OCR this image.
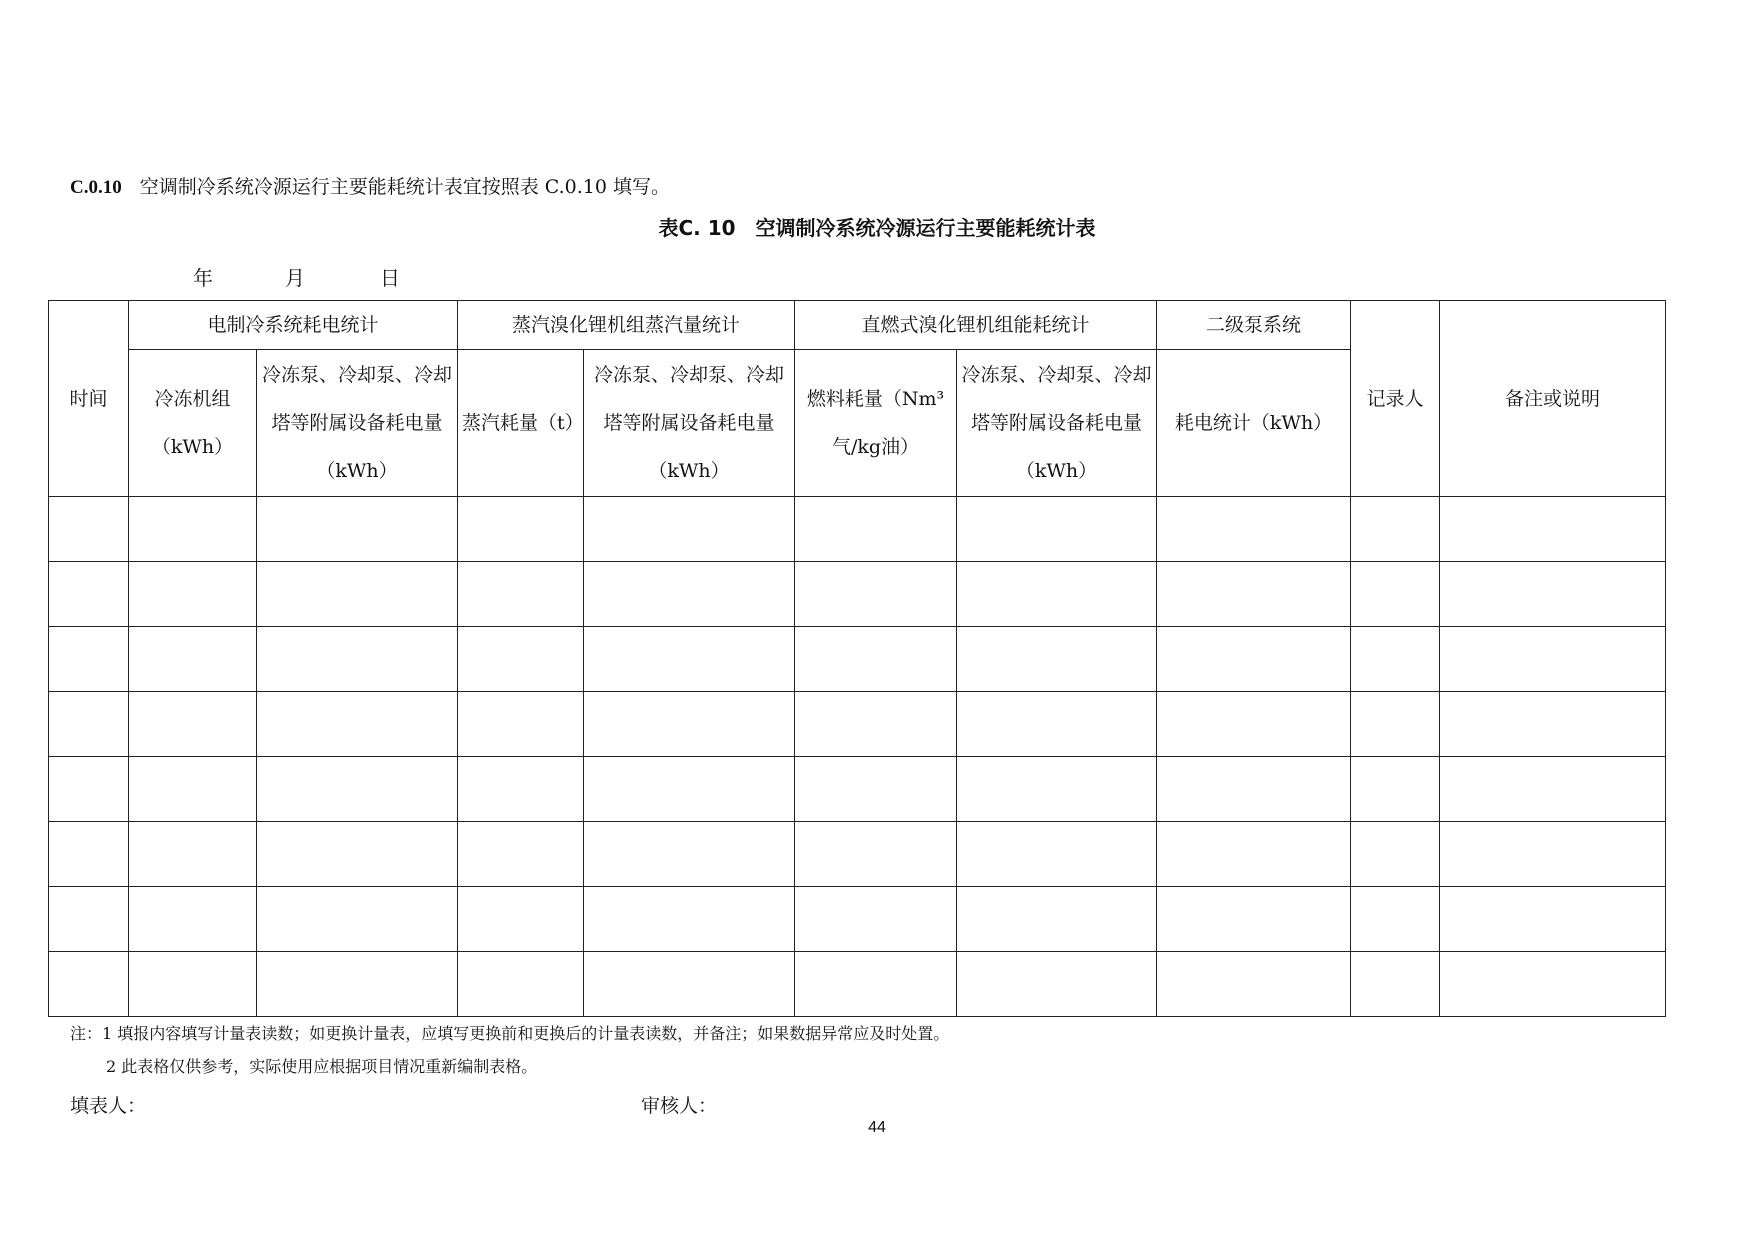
C.0.10 空调制冷系统冷源运行主要能耗统计表宜按照表 C.0.10 填写。
表C. 10　空调制冷系统冷源运行主要能耗统计表
年	月	日
时间	电制冷系统耗电统计		蒸汽溴化锂机组蒸汽量统计		直燃式溴化锂机组能耗统计		二级泵系统	记录人	备注或说明
	冷冻机组（kWh）	冷冻泵、冷却泵、冷却塔等附属设备耗电量（kWh）	蒸汽耗量（t）	冷冻泵、冷却泵、冷却塔等附属设备耗电量（kWh）	燃料耗量（Nm³气/kg油）	冷冻泵、冷却泵、冷却塔等附属设备耗电量（kWh）	耗电统计（kWh）		

注：1 填报内容填写计量表读数；如更换计量表，应填写更换前和更换后的计量表读数，并备注；如果数据异常应及时处置。
2 此表格仅供参考，实际使用应根据项目情况重新编制表格。
填表人：	审核人：
44
